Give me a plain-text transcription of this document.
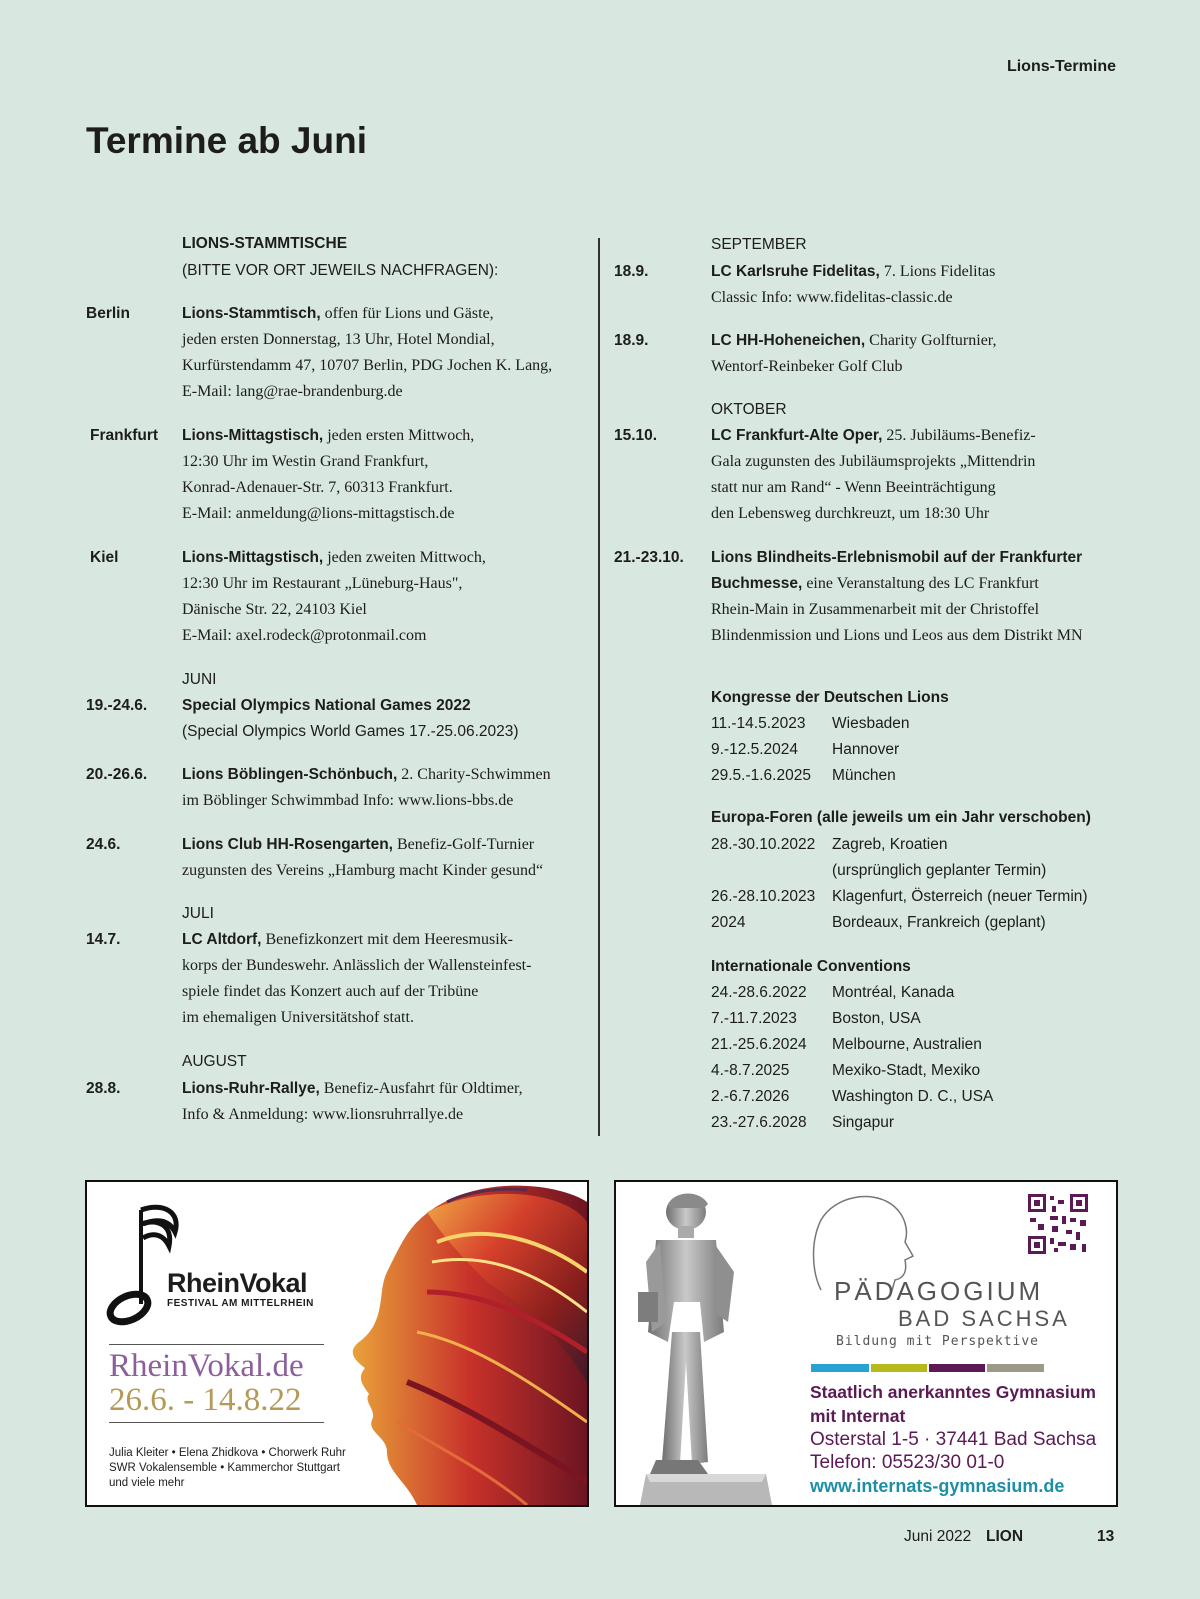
Lions-Termine
Termine ab Juni
LIONS-STAMMTISCHE
(BITTE VOR ORT JEWEILS NACHFRAGEN):
Berlin	Lions-Stammtisch, offen für Lions und Gäste,
jeden ersten Donnerstag, 13 Uhr, Hotel Mondial,
Kurfürstendamm 47, 10707 Berlin, PDG Jochen K. Lang,
E-Mail: lang@rae-brandenburg.de
Frankfurt Lions-Mittagstisch, jeden ersten Mittwoch,
12:30 Uhr im Westin Grand Frankfurt,
Konrad-Adenauer-Str. 7, 60313 Frankfurt.
E-Mail: anmeldung@lions-mittagstisch.de
Kiel	Lions-Mittagstisch, jeden zweiten Mittwoch,
12:30 Uhr im Restaurant „Lüneburg-Haus",
Dänische Str. 22, 24103 Kiel
E-Mail: axel.rodeck@protonmail.com
JUNI
19.-24.6. Special Olympics National Games 2022
(Special Olympics World Games 17.-25.06.2023)
20.-26.6. Lions Böblingen-Schönbuch, 2. Charity-Schwimmen
im Böblinger Schwimmbad Info: www.lions-bbs.de
24.6.	Lions Club HH-Rosengarten, Benefiz-Golf-Turnier
zugunsten des Vereins „Hamburg macht Kinder gesund“
JULI
14.7.	LC Altdorf, Benefizkonzert mit dem Heeresmusik-
korps der Bundeswehr. Anlässlich der Wallensteinfest-
spiele findet das Konzert auch auf der Tribüne
im ehemaligen Universitätshof statt.
AUGUST
28.8.	Lions-Ruhr-Rallye, Benefiz-Ausfahrt für Oldtimer,
Info & Anmeldung: www.lionsruhrrallye.de
SEPTEMBER
18.9.	LC Karlsruhe Fidelitas, 7. Lions Fidelitas
Classic Info: www.fidelitas-classic.de
18.9.	LC HH-Hoheneichen, Charity Golfturnier,
Wentorf-Reinbeker Golf Club
OKTOBER
15.10.	LC Frankfurt-Alte Oper, 25. Jubiläums-Benefiz-
Gala zugunsten des Jubiläumsprojekts „Mittendrin
statt nur am Rand“ - Wenn Beeinträchtigung
den Lebensweg durchkreuzt, um 18:30 Uhr
21.-23.10. Lions Blindheits-Erlebnismobil auf der Frankfurter
Buchmesse, eine Veranstaltung des LC Frankfurt
Rhein-Main in Zusammenarbeit mit der Christoffel
Blindenmission und Lions und Leos aus dem Distrikt MN
Kongresse der Deutschen Lions
11.-14.5.2023	Wiesbaden
9.-12.5.2024	Hannover
29.5.-1.6.2025	München
Europa-Foren (alle jeweils um ein Jahr verschoben)
28.-30.10.2022	Zagreb, Kroatien
(ursprünglich geplanter Termin)
26.-28.10.2023	Klagenfurt, Österreich (neuer Termin)
2024	Bordeaux, Frankreich (geplant)
Internationale Conventions
24.-28.6.2022	Montréal, Kanada
7.-11.7.2023	Boston, USA
21.-25.6.2024	Melbourne, Australien
4.-8.7.2025	Mexiko-Stadt, Mexiko
2.-6.7.2026	Washington D. C., USA
23.-27.6.2028	Singapur
RheinVokal
FESTIVAL AM MITTELRHEIN
RheinVokal.de
26.6. - 14.8.22
Julia Kleiter • Elena Zhidkova • Chorwerk Ruhr
SWR Vokalensemble • Kammerchor Stuttgart
und viele mehr
PÄDAGOGIUM
BAD SACHSA
Bildung mit Perspektive
Staatlich anerkanntes Gymnasium
mit Internat
Osterstal 1-5 · 37441 Bad Sachsa
Telefon: 05523/30 01-0
www.internats-gymnasium.de
Juni 2022 LION	13
